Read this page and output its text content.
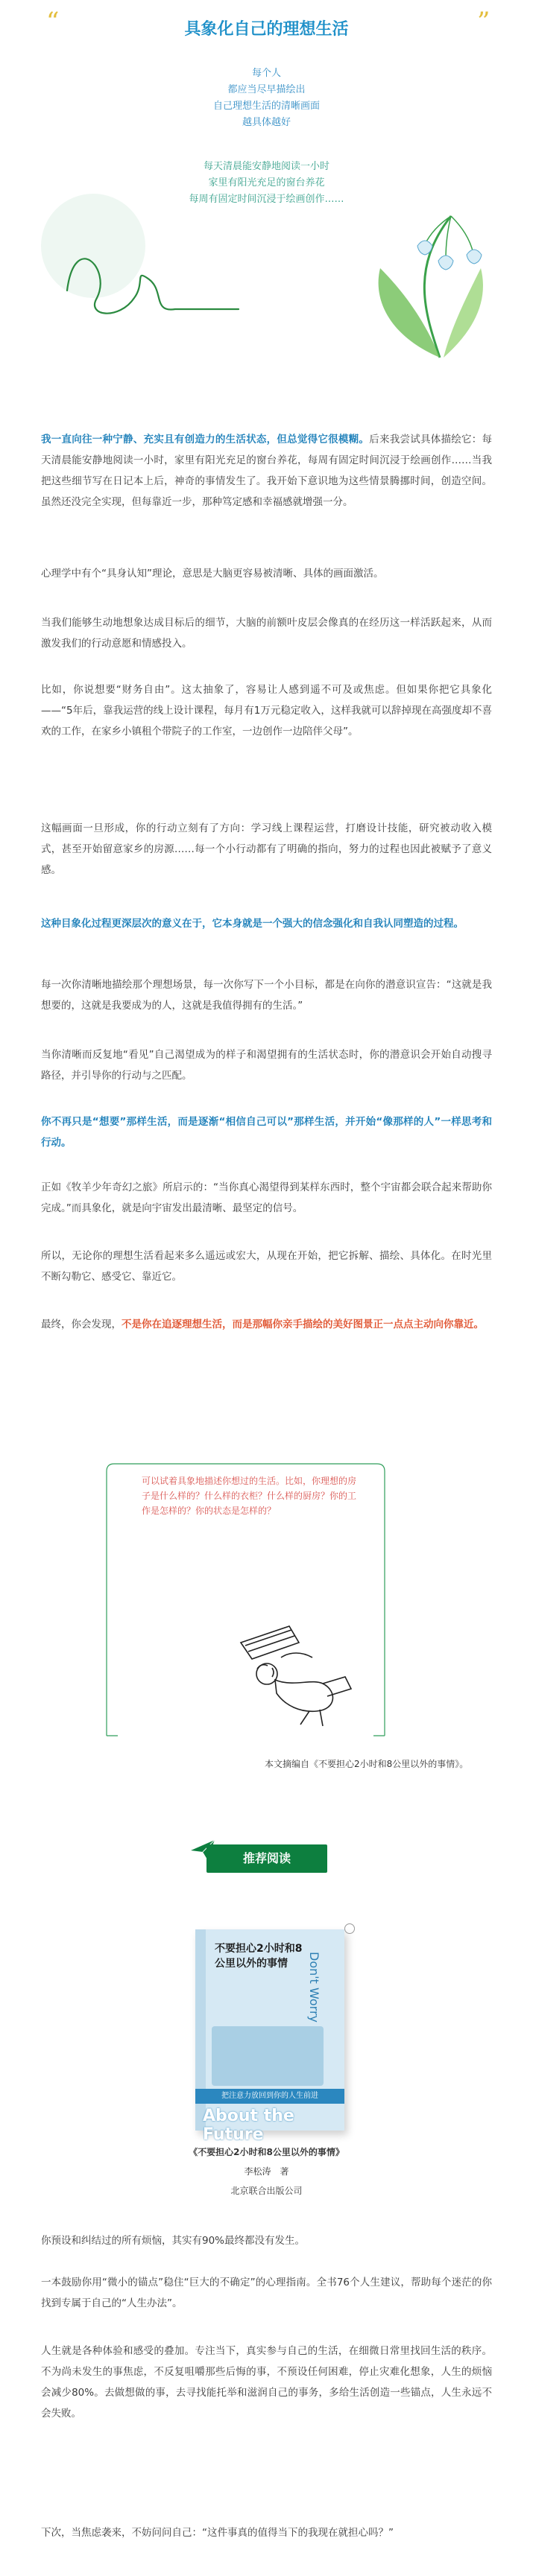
“	”
具象化自己的理想生活
每个人
都应当尽早描绘出
自己理想生活的清晰画面
越具体越好
每天清晨能安静地阅读一小时
家里有阳光充足的窗台养花
每周有固定时间沉浸于绘画创作……

我一直向往一种宁静、充实且有创造力的生活状态，但总觉得它很模糊。后来我尝试具体描绘它：每天清晨能安静地阅读一小时，家里有阳光充足的窗台养花，每周有固定时间沉浸于绘画创作……当我把这些细节写在日记本上后，神奇的事情发生了。我开始下意识地为这些情景腾挪时间，创造空间。虽然还没完全实现，但每靠近一步，那种笃定感和幸福感就增强一分。

心理学中有个“具身认知”理论，意思是大脑更容易被清晰、具体的画面激活。

当我们能够生动地想象达成目标后的细节，大脑的前额叶皮层会像真的在经历这一样活跃起来，从而激发我们的行动意愿和情感投入。

比如，你说想要“财务自由”。这太抽象了，容易让人感到遥不可及或焦虑。但如果你把它具象化——“5年后，靠我运营的线上设计课程，每月有1万元稳定收入，这样我就可以辞掉现在高强度却不喜欢的工作，在家乡小镇租个带院子的工作室，一边创作一边陪伴父母”。

这幅画面一旦形成，你的行动立刻有了方向：学习线上课程运营，打磨设计技能，研究被动收入模式，甚至开始留意家乡的房源……每一个小行动都有了明确的指向，努力的过程也因此被赋予了意义感。

这种目象化过程更深层次的意义在于，它本身就是一个强大的信念强化和自我认同塑造的过程。

每一次你清晰地描绘那个理想场景，每一次你写下一个小目标，都是在向你的潜意识宣告：“这就是我想要的，这就是我要成为的人，这就是我值得拥有的生活。”

当你清晰而反复地“看见”自己渴望成为的样子和渴望拥有的生活状态时，你的潜意识会开始自动搜寻路径，并引导你的行动与之匹配。

你不再只是“想要”那样生活，而是逐渐“相信自己可以”那样生活，并开始“像那样的人”一样思考和行动。

正如《牧羊少年奇幻之旅》所启示的：“当你真心渴望得到某样东西时，整个宇宙都会联合起来帮助你完成。”而具象化，就是向宇宙发出最清晰、最坚定的信号。

所以，无论你的理想生活看起来多么遥远或宏大，从现在开始，把它拆解、描绘、具体化。在时光里不断勾勒它、感受它、靠近它。

最终，你会发现，不是你在追逐理想生活，而是那幅你亲手描绘的美好图景正一点点主动向你靠近。

可以试着具象地描述你想过的生活。比如，你理想的房子是什么样的？什么样的衣柜？什么样的厨房？你的工作是怎样的？你的状态是怎样的？
本文摘编自《不要担心2小时和8公里以外的事情》。
推荐阅读
不要担心2小时和8公里以外的事情	Don't Worry
把注意力放回到你的人生前进
About the Future
《不要担心2小时和8公里以外的事情》
李松涛　著
北京联合出版公司

你预设和纠结过的所有烦恼，其实有90%最终都没有发生。

一本鼓励你用“微小的锚点”稳住“巨大的不确定”的心理指南。全书76个人生建议，帮助每个迷茫的你找到专属于自己的“人生办法”。

人生就是各种体验和感受的叠加。专注当下，真实参与自己的生活，在细微日常里找回生活的秩序。不为尚未发生的事焦虑，不反复咀嚼那些后悔的事，不预设任何困难，停止灾难化想象，人生的烦恼会减少80%。去做想做的事，去寻找能托举和滋润自己的事务，多给生活创造一些锚点，人生永远不会失败。

下次，当焦虑袭来，不妨问问自己：“这件事真的值得当下的我现在就担心吗？”
